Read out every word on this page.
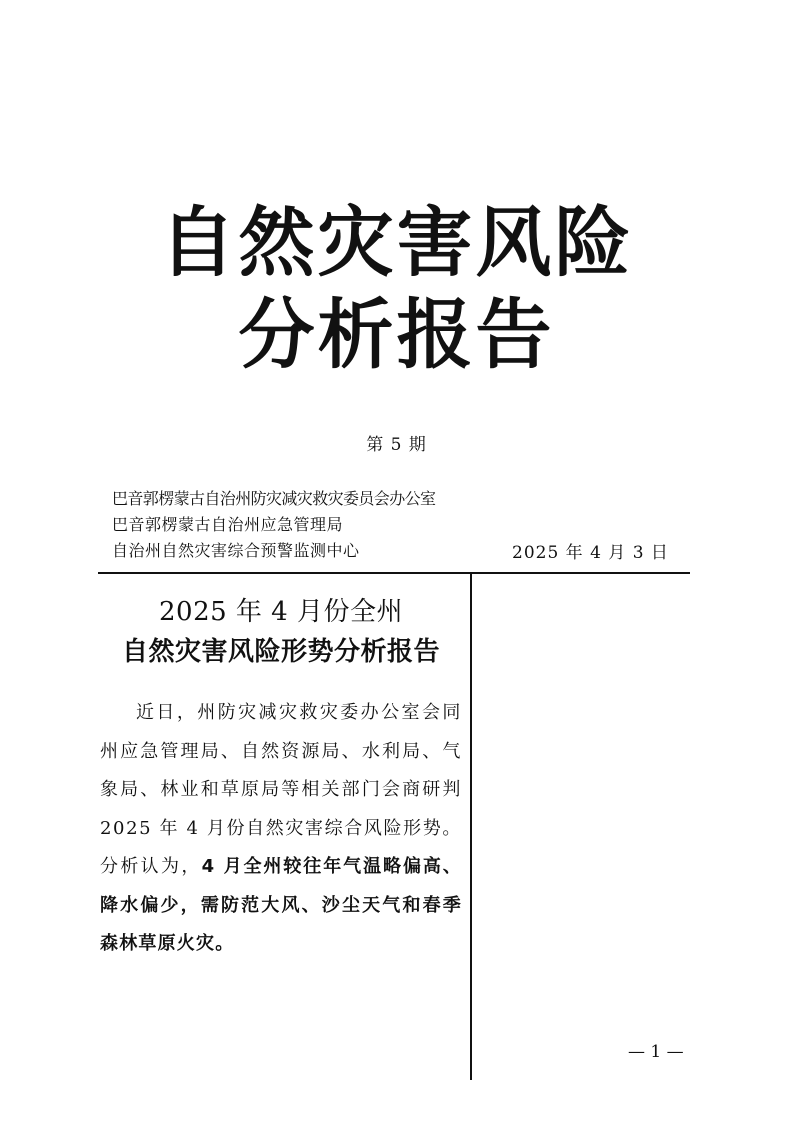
自然灾害风险
分析报告
第 5 期
巴音郭楞蒙古自治州防灾减灾救灾委员会办公室
巴音郭楞蒙古自治州应急管理局
自治州自然灾害综合预警监测中心	2025 年 4 月 3 日
2025 年 4 月份全州
自然灾害风险形势分析报告

近日，州防灾减灾救灾委办公室会同州应急管理局、自然资源局、水利局、气象局、林业和草原局等相关部门会商研判 2025 年 4 月份自然灾害综合风险形势。分析认为，4 月全州较往年气温略偏高、降水偏少，需防范大风、沙尘天气和春季森林草原火灾。

— 1 —
